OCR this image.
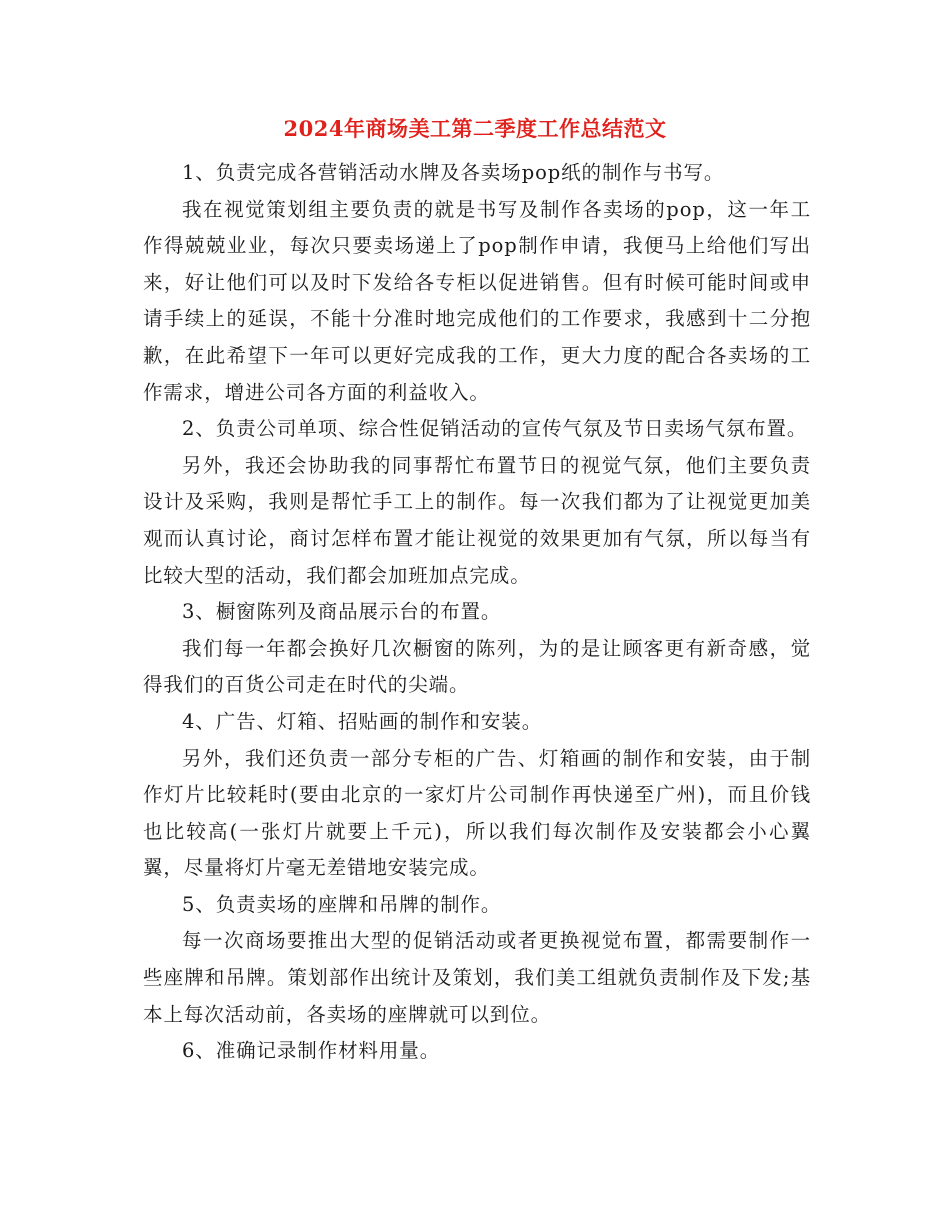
2024年商场美工第二季度工作总结范文

1、负责完成各营销活动水牌及各卖场pop纸的制作与书写。

我在视觉策划组主要负责的就是书写及制作各卖场的pop，这一年工作得兢兢业业，每次只要卖场递上了pop制作申请，我便马上给他们写出来，好让他们可以及时下发给各专柜以促进销售。但有时候可能时间或申请手续上的延误，不能十分准时地完成他们的工作要求，我感到十二分抱歉，在此希望下一年可以更好完成我的工作，更大力度的配合各卖场的工作需求，增进公司各方面的利益收入。

2、负责公司单项、综合性促销活动的宣传气氛及节日卖场气氛布置。

另外，我还会协助我的同事帮忙布置节日的视觉气氛，他们主要负责设计及采购，我则是帮忙手工上的制作。每一次我们都为了让视觉更加美观而认真讨论，商讨怎样布置才能让视觉的效果更加有气氛，所以每当有比较大型的活动，我们都会加班加点完成。

3、橱窗陈列及商品展示台的布置。

我们每一年都会换好几次橱窗的陈列，为的是让顾客更有新奇感，觉得我们的百货公司走在时代的尖端。

4、广告、灯箱、招贴画的制作和安装。

另外，我们还负责一部分专柜的广告、灯箱画的制作和安装，由于制作灯片比较耗时(要由北京的一家灯片公司制作再快递至广州)，而且价钱也比较高(一张灯片就要上千元)，所以我们每次制作及安装都会小心翼翼，尽量将灯片毫无差错地安装完成。

5、负责卖场的座牌和吊牌的制作。

每一次商场要推出大型的促销活动或者更换视觉布置，都需要制作一些座牌和吊牌。策划部作出统计及策划，我们美工组就负责制作及下发;基本上每次活动前，各卖场的座牌就可以到位。

6、准确记录制作材料用量。
